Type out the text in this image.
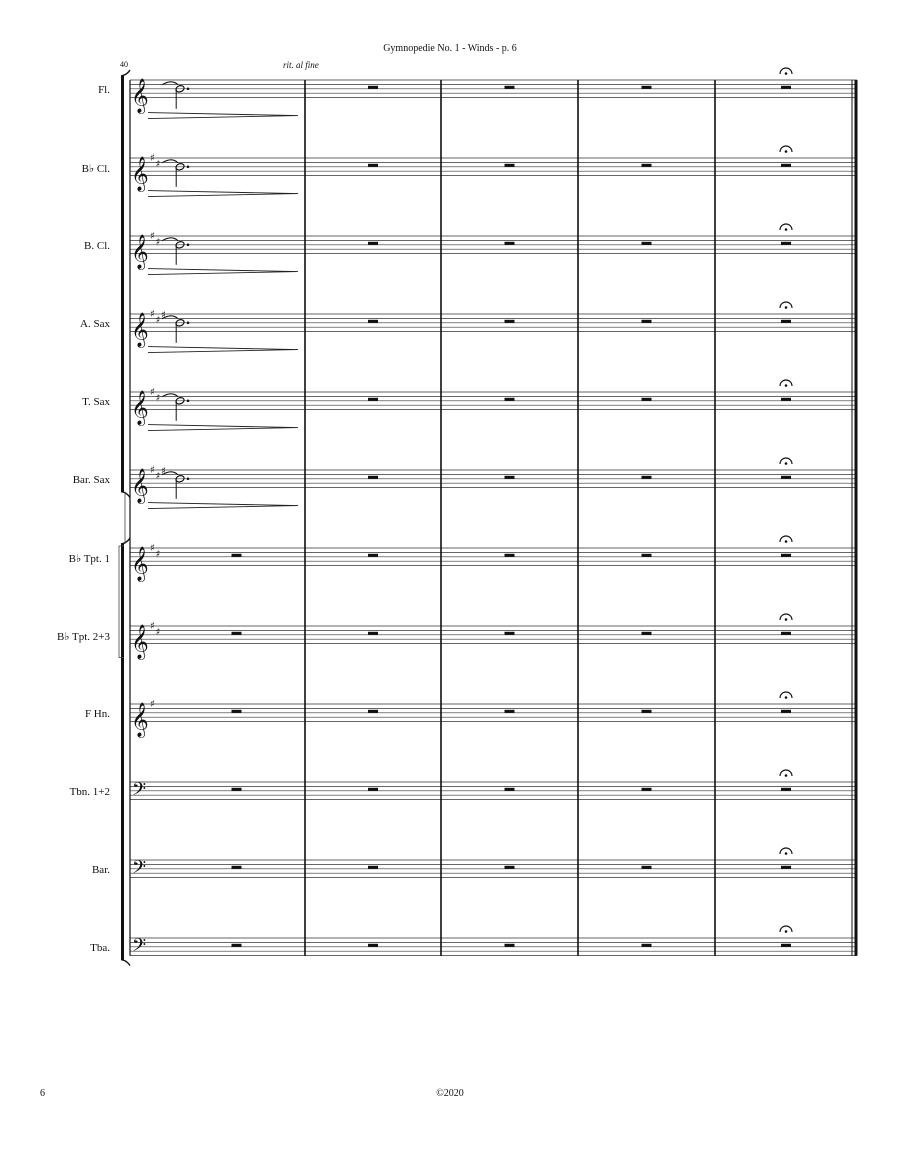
Gymnopedie No. 1 - Winds - p. 6
40	rit. al fine
Fl.
B♭ Cl.
B. Cl.
A. Sax
T. Sax
Bar. Sax
B♭ Tpt. 1
B♭ Tpt. 2+3
F Hn.
Tbn. 1+2
Bar.
Tba.
𝄞
𝄞 ♯
♯
𝄞 ♯
♯
𝄞 ♯
♯ ♯
𝄞 ♯
♯
𝄞 ♯
♯ ♯
𝄞 ♯
♯
𝄞 ♯
♯
𝄞 ♯
𝄢
𝄢
𝄢
6	©2020
